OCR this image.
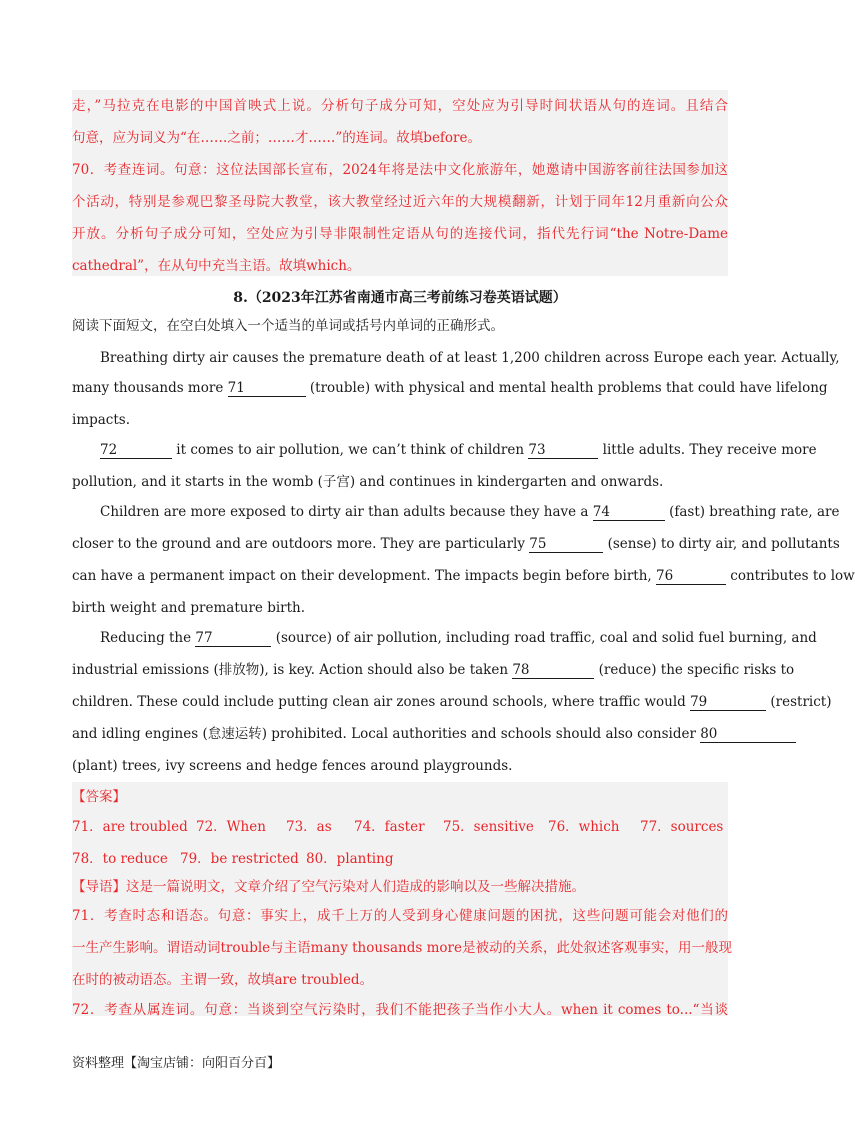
走，”马拉克在电影的中国首映式上说。分析句子成分可知，空处应为引导时间状语从句的连词。且结合
句意，应为词义为“在……之前；……才……”的连词。故填before。
70．考查连词。句意：这位法国部长宣布，2024年将是法中文化旅游年，她邀请中国游客前往法国参加这
个活动，特别是参观巴黎圣母院大教堂，该大教堂经过近六年的大规模翻新，计划于同年12月重新向公众
开放。分析句子成分可知，空处应为引导非限制性定语从句的连接代词，指代先行词“the Notre-Dame
cathedral”，在从句中充当主语。故填which。
8.（2023年江苏省南通市高三考前练习卷英语试题）
阅读下面短文，在空白处填入一个适当的单词或括号内单词的正确形式。
Breathing dirty air causes the premature death of at least 1,200 children across Europe each year. Actually,
many thousands more 71	(trouble) with physical and mental health problems that could have lifelong
impacts.
72	it comes to air pollution, we can’t think of children 73	little adults. They receive more
pollution, and it starts in the womb (子宫) and continues in kindergarten and onwards.
Children are more exposed to dirty air than adults because they have a 74	(fast) breathing rate, are
closer to the ground and are outdoors more. They are particularly 75	(sense) to dirty air, and pollutants
can have a permanent impact on their development. The impacts begin before birth, 76	contributes to low
birth weight and premature birth.
Reducing the 77	(source) of air pollution, including road traffic, coal and solid fuel burning, and
industrial emissions (排放物), is key. Action should also be taken 78	(reduce) the specific risks to
children. These could include putting clean air zones around schools, where traffic would 79	(restrict)
and idling engines (怠速运转) prohibited. Local authorities and schools should also consider 80
(plant) trees, ivy screens and hedge fences around playgrounds.
【答案】
71．are troubled 72．When 73．as 74．faster 75．sensitive 76．which 77．sources
78．to reduce 79．be restricted 80．planting
【导语】这是一篇说明文，文章介绍了空气污染对人们造成的影响以及一些解决措施。
71．考查时态和语态。句意：事实上，成千上万的人受到身心健康问题的困扰，这些问题可能会对他们的
一生产生影响。谓语动词trouble与主语many thousands more是被动的关系，此处叙述客观事实，用一般现
在时的被动语态。主谓一致，故填are troubled。
72．考查从属连词。句意：当谈到空气污染时，我们不能把孩子当作小大人。when it comes to...“当谈
资料整理【淘宝店铺：向阳百分百】
